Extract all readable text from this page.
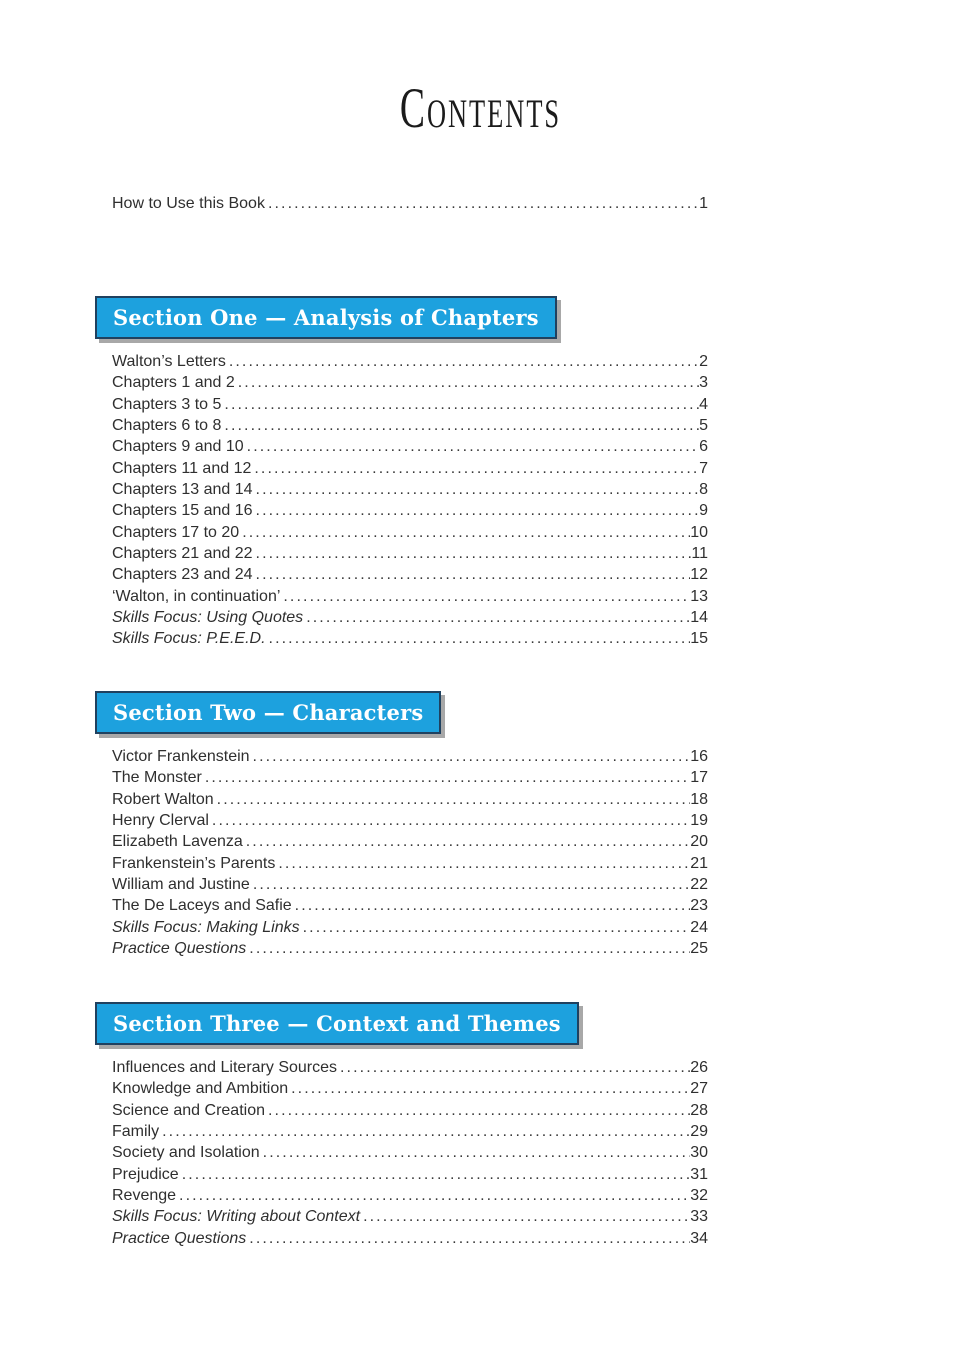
Contents
How to Use this Book .....	1
Section One — Analysis of Chapters
Walton’s Letters .....	2
Chapters 1 and 2 .....	3
Chapters 3 to 5 .....	4
Chapters 6 to 8 .....	5
Chapters 9 and 10 .....	6
Chapters 11 and 12 .....	7
Chapters 13 and 14 .....	8
Chapters 15 and 16 .....	9
Chapters 17 to 20 .....	10
Chapters 21 and 22 .....	11
Chapters 23 and 24 .....	12
‘Walton, in continuation’ .....	13
Skills Focus: Using Quotes .....	14
Skills Focus: P.E.E.D. .....	15
Section Two — Characters
Victor Frankenstein .....	16
The Monster .....	17
Robert Walton .....	18
Henry Clerval .....	19
Elizabeth Lavenza .....	20
Frankenstein’s Parents .....	21
William and Justine .....	22
The De Laceys and Safie .....	23
Skills Focus: Making Links .....	24
Practice Questions .....	25
Section Three — Context and Themes
Influences and Literary Sources .....	26
Knowledge and Ambition .....	27
Science and Creation .....	28
Family .....	29
Society and Isolation .....	30
Prejudice .....	31
Revenge .....	32
Skills Focus: Writing about Context .....	33
Practice Questions .....	34
